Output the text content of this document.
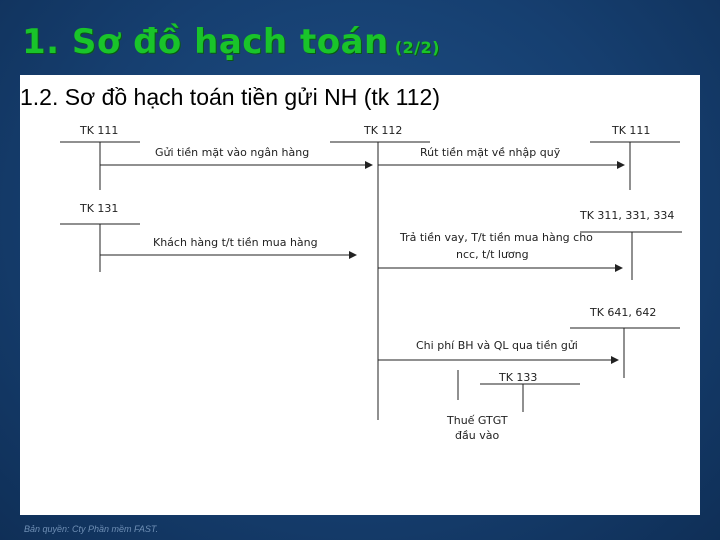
1. Sơ đồ hạch toán (2/2)

1.2. Sơ đồ hạch toán tiền gửi NH (tk 112)

TK 111	TK 112	TK 111
TK 131
TK 311, 331, 334
TK 641, 642
TK 133
Gửi tiền mặt vào ngân hàng	Rút tiền mặt về nhập quỹ
Khách hàng t/t tiền mua hàng	Trả tiền vay, T/t tiền mua hàng cho
ncc, t/t lương
Chi phí BH và QL qua tiền gửi
Thuế GTGT
đầu vào
Bản quyền: Cty Phần mềm FAST.
